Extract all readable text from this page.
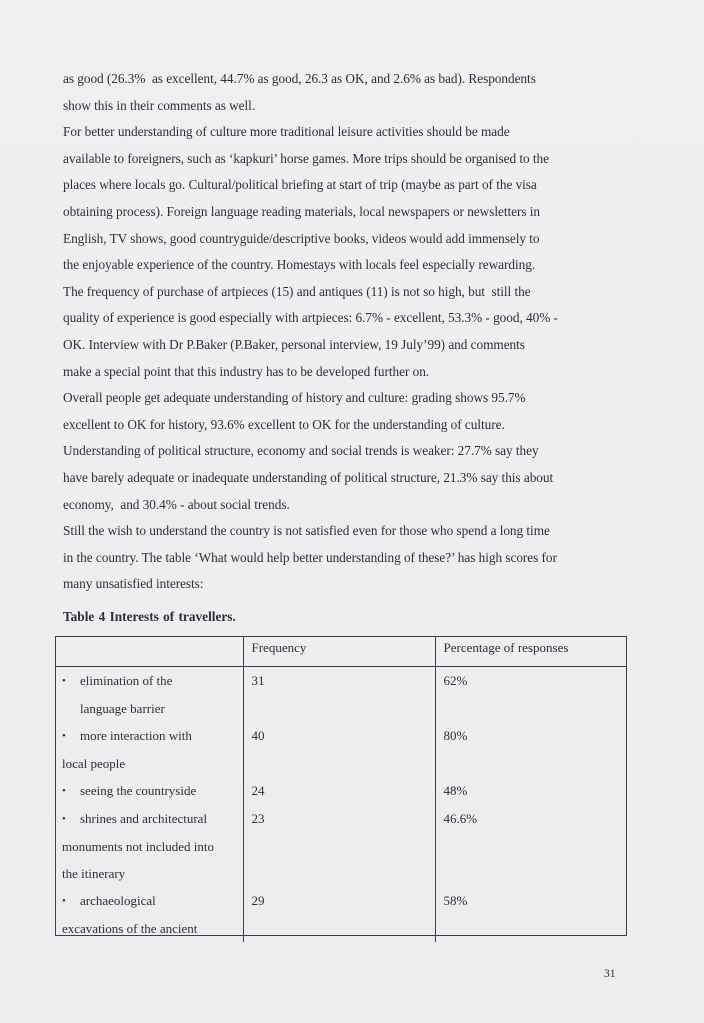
as good (26.3%  as excellent, 44.7% as good, 26.3 as OK, and 2.6% as bad). Respondents
show this in their comments as well.

For better understanding of culture more traditional leisure activities should be made
available to foreigners, such as ‘kapkuri’ horse games. More trips should be organised to the
places where locals go. Cultural/political briefing at start of trip (maybe as part of the visa
obtaining process). Foreign language reading materials, local newspapers or newsletters in
English, TV shows, good countryguide/descriptive books, videos would add immensely to
the enjoyable experience of the country. Homestays with locals feel especially rewarding.

The frequency of purchase of artpieces (15) and antiques (11) is not so high, but  still the
quality of experience is good especially with artpieces: 6.7% - excellent, 53.3% - good, 40% -
OK. Interview with Dr P.Baker (P.Baker, personal interview, 19 July’99) and comments
make a special point that this industry has to be developed further on.

Overall people get adequate understanding of history and culture: grading shows 95.7%
excellent to OK for history, 93.6% excellent to OK for the understanding of culture.
Understanding of political structure, economy and social trends is weaker: 27.7% say they
have barely adequate or inadequate understanding of political structure, 21.3% say this about
economy,  and 30.4% - about social trends.

Still the wish to understand the country is not satisfied even for those who spend a long time
in the country. The table ‘What would help better understanding of these?’ has high scores for
many unsatisfied interests:

Table 4 Interests of travellers.
	Frequency	Percentage of responses

• elimination of the
language barrier	31	62%

• more interaction with
local people	40	80%

• seeing the countryside	24	48%

• shrines and architectural
monuments not included into
the itinerary	23	46.6%

• archaeological
excavations of the ancient	29	58%

31
